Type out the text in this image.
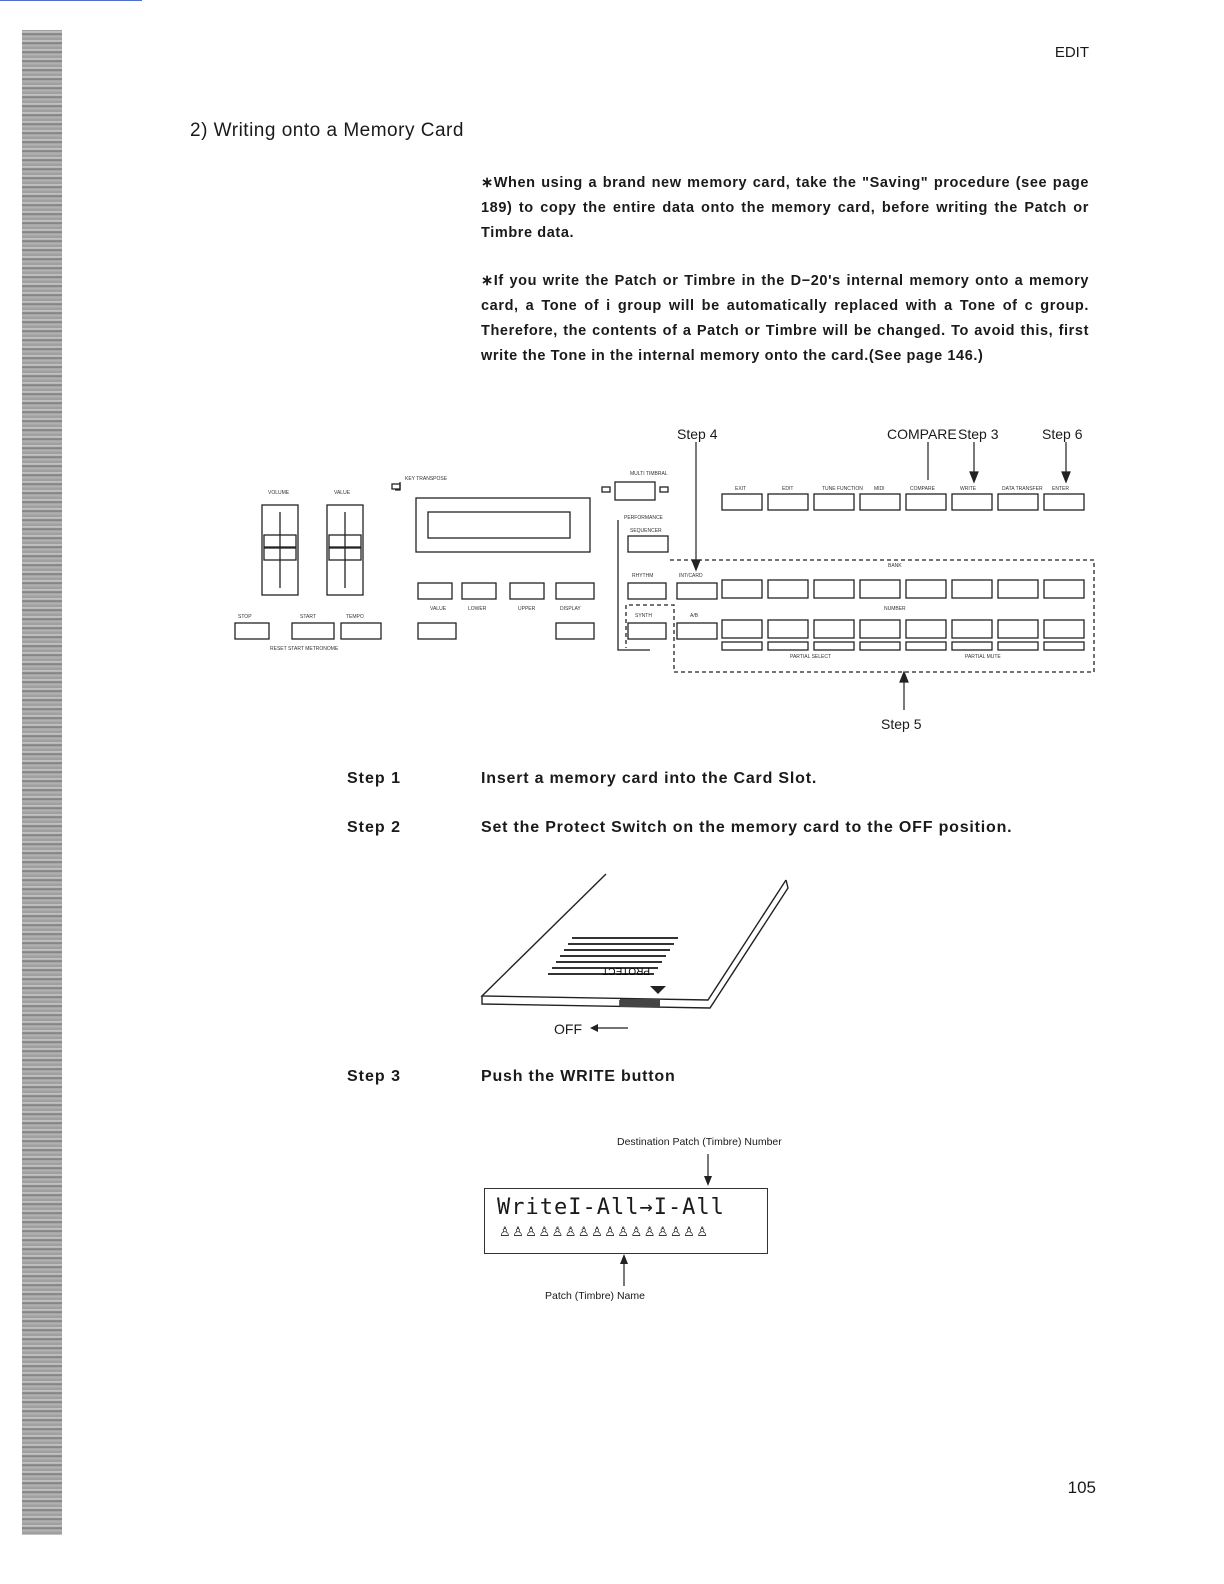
EDIT
2) Writing onto a Memory Card
∗When using a brand new memory card, take the "Saving" procedure (see page 189) to copy the entire data onto the memory card, before writing the Patch or Timbre data.
∗If you write the Patch or Timbre in the D−20's internal memory onto a memory card, a Tone of i group will be automatically replaced with a Tone of c group. Therefore, the contents of a Patch or Timbre will be changed. To avoid this, first write the Tone in the internal memory onto the card.(See page 146.)
VOLUME	VALUE
KEY TRANSPOSE
STOP	START	TEMPO
RESET START METRONOME
LOWER	UPPER
VALUE	DISPLAY
MULTI TIMBRAL
PERFORMANCE
SEQUENCER
RHYTHM	INT/CARD
SYNTH	A/B
EXIT	EDIT	TUNE FUNCTION MIDI	COMPARE	WRITE	DATA TRANSFER ENTER
BANK
NUMBER
PARTIAL SELECT	PARTIAL MUTE
Step 4	COMPARE Step 3	Step 6
Step 5
Step 1	Insert a memory card into the Card Slot.
Step 2	Set the Protect Switch on the memory card to the OFF position.
PROTECT
OFF
Step 3	Push the WRITE button
Destination Patch (Timbre) Number
WriteI-All→I-All
♙♙♙♙♙♙♙♙♙♙♙♙♙♙♙♙
Patch (Timbre) Name
105
